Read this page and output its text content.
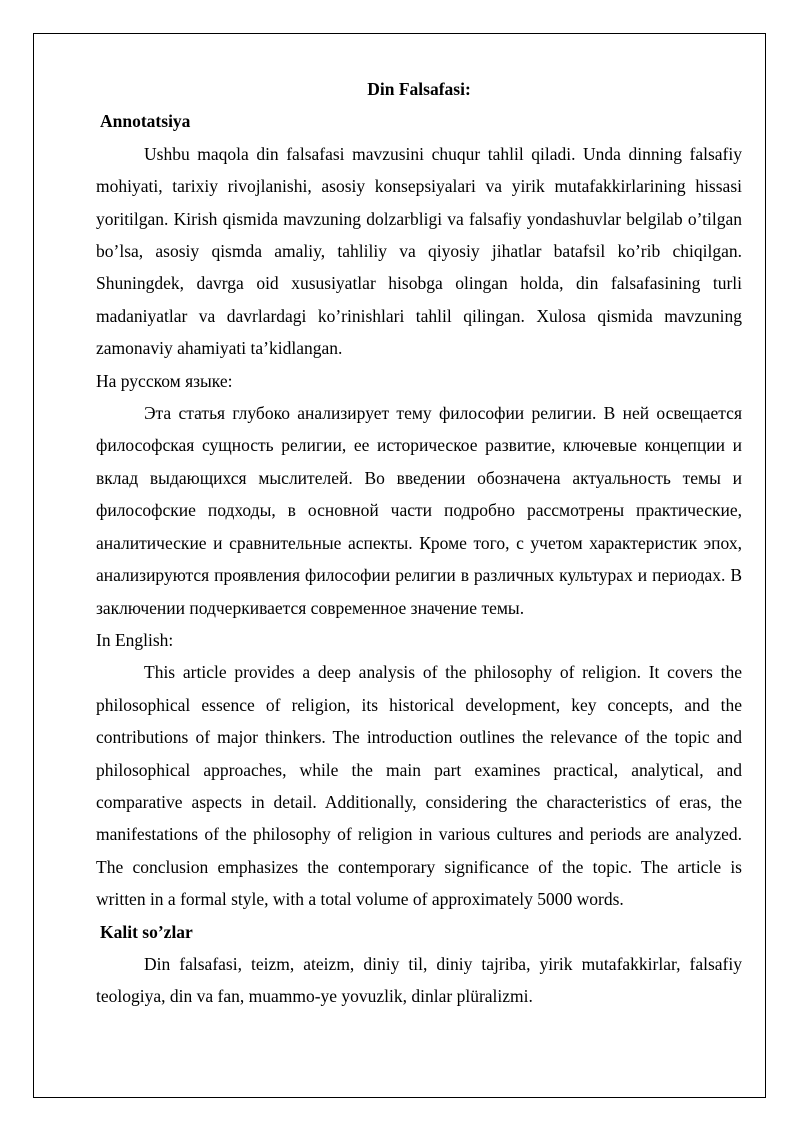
Din Falsafasi:

Annotatsiya

Ushbu maqola din falsafasi mavzusini chuqur tahlil qiladi. Unda dinning falsafiy mohiyati, tarixiy rivojlanishi, asosiy konsepsiyalari va yirik mutafakkirlarining hissasi yoritilgan. Kirish qismida mavzuning dolzarbligi va falsafiy yondashuvlar belgilab o’tilgan bo’lsa, asosiy qismda amaliy, tahliliy va qiyosiy jihatlar batafsil ko’rib chiqilgan. Shuningdek, davrga oid xususiyatlar hisobga olingan holda, din falsafasining turli madaniyatlar va davrlardagi ko’rinishlari tahlil qilingan. Xulosa qismida mavzuning zamonaviy ahamiyati ta’kidlangan.

На русском языке:

Эта статья глубоко анализирует тему философии религии. В ней освещается философская сущность религии, ее историческое развитие, ключевые концепции и вклад выдающихся мыслителей. Во введении обозначена актуальность темы и философские подходы, в основной части подробно рассмотрены практические, аналитические и сравнительные аспекты. Кроме того, с учетом характеристик эпох, анализируются проявления философии религии в различных культурах и периодах. В заключении подчеркивается современное значение темы.

In English:

This article provides a deep analysis of the philosophy of religion. It covers the philosophical essence of religion, its historical development, key concepts, and the contributions of major thinkers. The introduction outlines the relevance of the topic and philosophical approaches, while the main part examines practical, analytical, and comparative aspects in detail. Additionally, considering the characteristics of eras, the manifestations of the philosophy of religion in various cultures and periods are analyzed. The conclusion emphasizes the contemporary significance of the topic. The article is written in a formal style, with a total volume of approximately 5000 words.

Kalit so’zlar

Din falsafasi, teizm, ateizm, diniy til, diniy tajriba, yirik mutafakkirlar, falsafiy teologiya, din va fan, muammo-ye yovuzlik, dinlar plüralizmi.
